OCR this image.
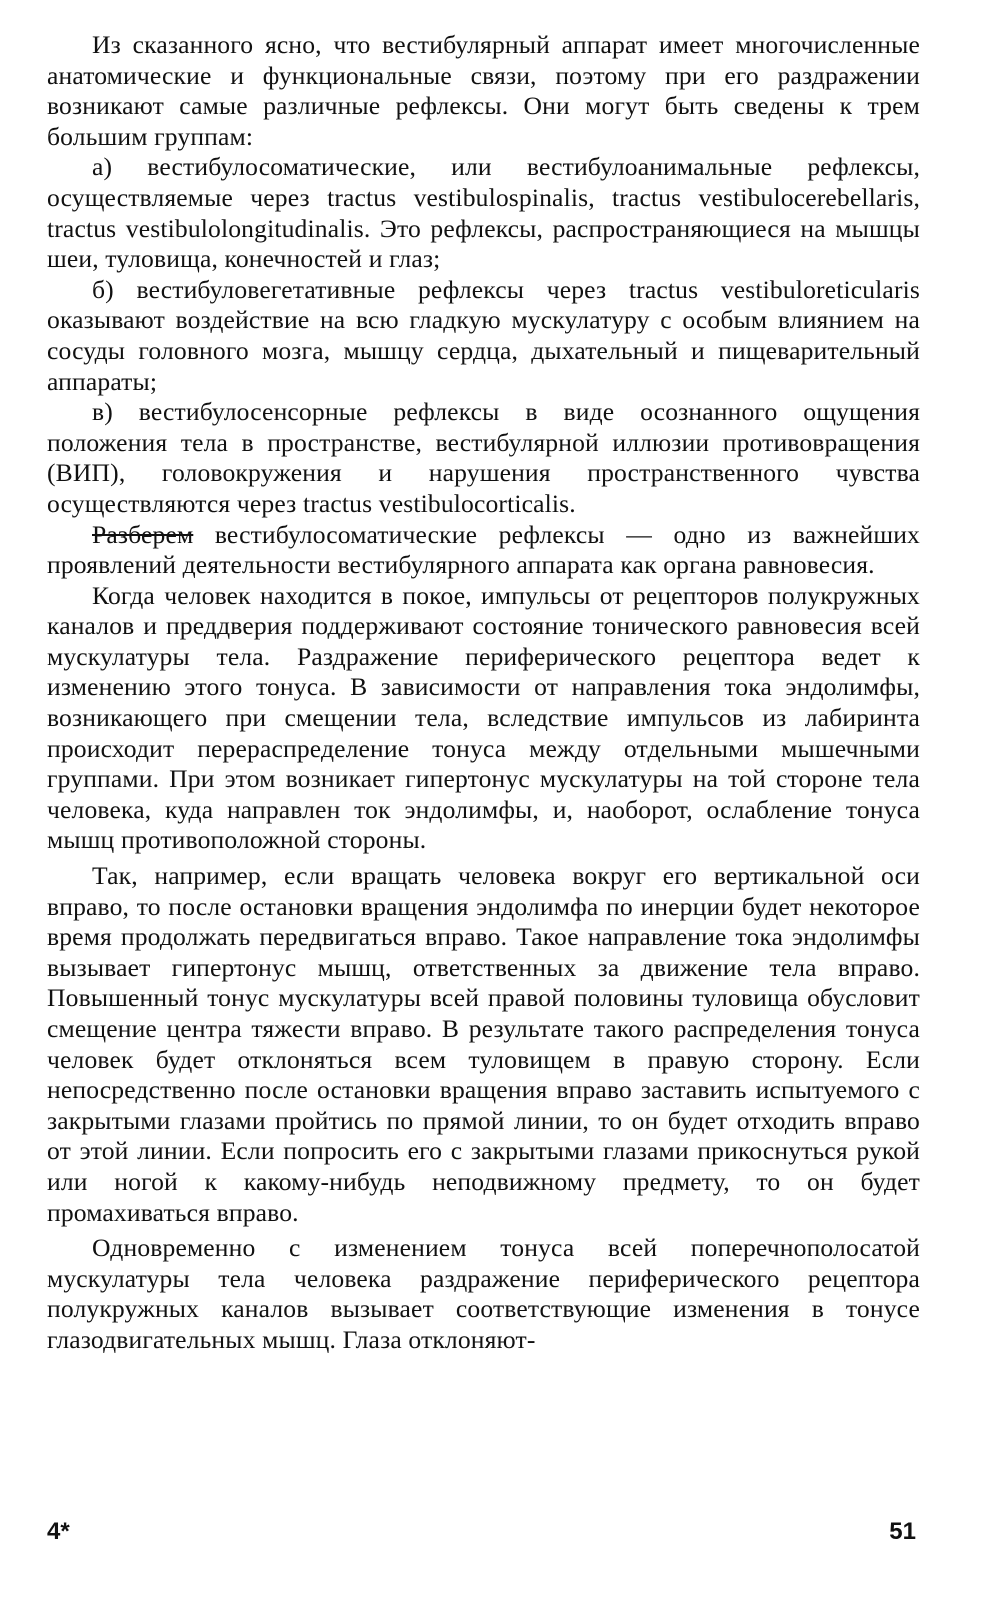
Из сказанного ясно, что вестибулярный аппарат имеет многочисленные анатомические и функциональные связи, поэтому при его раздражении возникают самые различные рефлексы. Они могут быть сведены к трем большим группам:

а) вестибулосоматические, или вестибулоанимальные рефлексы, осуществляемые через tractus vestibulospinalis, tractus vestibulocerebellaris, tractus vestibulolongitudinalis. Это рефлексы, распространяющиеся на мышцы шеи, туловища, конечностей и глаз;

б) вестибуловегетативные рефлексы через tractus vestibuloreticularis оказывают воздействие на всю гладкую мускулатуру с особым влиянием на сосуды головного мозга, мышцу сердца, дыхательный и пищеварительный аппараты;

в) вестибулосенсорные рефлексы в виде осознанного ощущения положения тела в пространстве, вестибулярной иллюзии противовращения (ВИП), головокружения и нарушения пространственного чувства осуществляются через tractus vestibulocorticalis.

Разберем вестибулосоматические рефлексы — одно из важнейших проявлений деятельности вестибулярного аппарата как органа равновесия.

Когда человек находится в покое, импульсы от рецепторов полукружных каналов и преддверия поддерживают состояние тонического равновесия всей мускулатуры тела. Раздражение периферического рецептора ведет к изменению этого тонуса. В зависимости от направления тока эндолимфы, возникающего при смещении тела, вследствие импульсов из лабиринта происходит перераспределение тонуса между отдельными мышечными группами. При этом возникает гипертонус мускулатуры на той стороне тела человека, куда направлен ток эндолимфы, и, наоборот, ослабление тонуса мышц противоположной стороны.

Так, например, если вращать человека вокруг его вертикальной оси вправо, то после остановки вращения эндолимфа по инерции будет некоторое время продолжать передвигаться вправо. Такое направление тока эндолимфы вызывает гипертонус мышц, ответственных за движение тела вправо. Повышенный тонус мускулатуры всей правой половины туловища обусловит смещение центра тяжести вправо. В результате такого распределения тонуса человек будет отклоняться всем туловищем в правую сторону. Если непосредственно после остановки вращения вправо заставить испытуемого с закрытыми глазами пройтись по прямой линии, то он будет отходить вправо от этой линии. Если попросить его с закрытыми глазами прикоснуться рукой или ногой к какому-нибудь неподвижному предмету, то он будет промахиваться вправо.

Одновременно с изменением тонуса всей поперечнополосатой мускулатуры тела человека раздражение периферического рецептора полукружных каналов вызывает соответствующие изменения в тонусе глазодвигательных мышц. Глаза отклоняют-

4*	51
